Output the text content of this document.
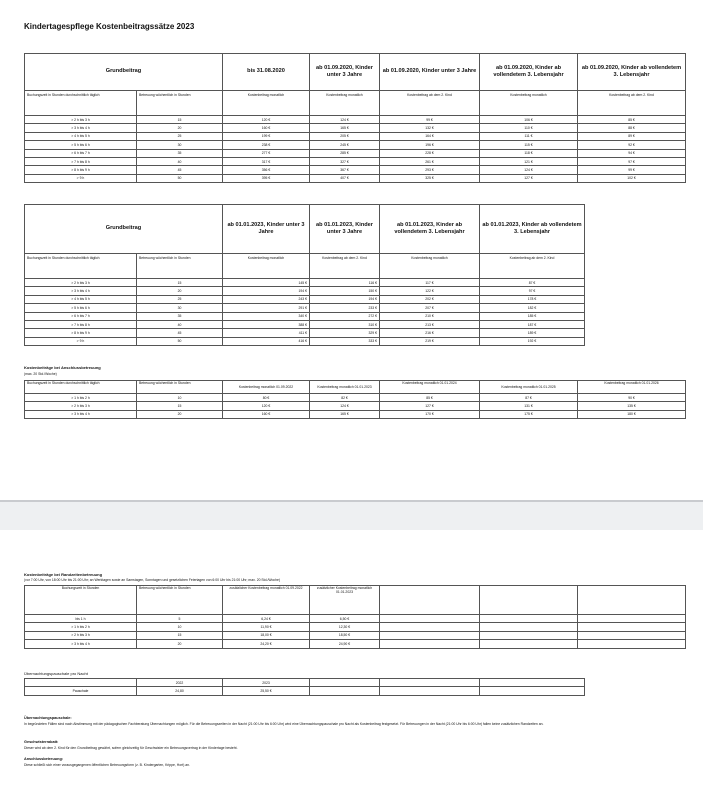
Kindertagespflege Kostenbeitragssätze 2023
Grundbeitrag		bis 31.08.2020	ab 01.09.2020, Kinder unter 3 Jahre	ab 01.09.2020, Kinder unter 3 Jahre	ab 01.09.2020, Kinder ab vollendetem 3. Lebensjahr	ab 01.09.2020, Kinder ab vollendetem 3. Lebensjahr
Buchungszeit in Stunden durchschnittlich täglich	Betreuung wöchentlich in Stunden	Kostenbeitrag monatlich	Kostenbeitrag monatlich	Kostenbeitrag ab dem 2. Kind	Kostenbeitrag monatlich	Kostenbeitrag ab dem 2. Kind
> 2 h bis 3 h	15	120 €	124 €	99 €	106 €	85 €
> 3 h bis 4 h	20	160 €	165 €	132 €	110 €	88 €
> 4 h bis 5 h	25	199 €	205 €	164 €	111 €	89 €
> 5 h bis 6 h	30	238 €	245 €	196 €	115 €	92 €
> 6 h bis 7 h	35	277 €	285 €	228 €	118 €	94 €
> 7 h bis 8 h	40	317 €	327 €	261 €	121 €	97 €
> 8 h bis 9 h	45	356 €	367 €	293 €	124 €	99 €
> 9 h	50	395 €	407 €	325 €	127 €	102 €
Grundbeitrag		ab 01.01.2023, Kinder unter 3 Jahre	ab 01.01.2023, Kinder unter 3 Jahre	ab 01.01.2023, Kinder ab vollendetem 3. Lebensjahr	ab 01.01.2023, Kinder ab vollendetem 3. Lebensjahr
Buchungszeit in Stunden durchschnittlich täglich	Betreuung wöchentlich in Stunden	Kostenbeitrag monatlich	Kostenbeitrag ab dem 2. Kind	Kostenbeitrag monatlich	Kostenbeitrag ab dem 2. Kind
> 2 h bis 3 h	15	145 €	116 €	117 €	87 €
> 3 h bis 4 h	20	194 €	150 €	122 €	97 €
> 4 h bis 5 h	25	243 €	194 €	202 €	178 €
> 5 h bis 6 h	30	291 €	233 €	207 €	182 €
> 6 h bis 7 h	35	340 €	272 €	210 €	185 €
> 7 h bis 8 h	40	388 €	310 €	213 €	187 €
> 8 h bis 9 h	45	411 €	329 €	216 €	189 €
> 9 h	50	416 €	333 €	219 €	192 €
Kostenbeiträge bei Anschlussbetreuung
(max. 20 Std./Woche)
Buchungszeit in Stunden durchschnittlich täglich	Betreuung wöchentlich in Stunden	Kostenbeitrag monatlich 01.09.2022	Kostenbeitrag monatlich 01.01.2023	Kostenbeitrag monatlich 01.01.2024	Kostenbeitrag monatlich 01.01.2025	Kostenbeitrag monatlich 01.01.2026
> 1 h bis 2 h	10	80 €	82 €	85 €	87 €	90 €
> 2 h bis 3 h	15	120 €	124 €	127 €	131 €	135 €
> 3 h bis 4 h	20	160 €	165 €	170 €	175 €	180 €
Kostenbeiträge bei Randzeitenbetreuung
(vor 7:00 Uhr, von 18:00 Uhr bis 21:00 Uhr; an Werktagen sowie an Samstagen, Sonntagen und gesetzlichen Feiertagen von 6:00 Uhr bis 21:00 Uhr; max. 20 Std./Woche)
Buchungszeit in Stunden	Betreuung wöchentlich in Stunden	zusätzlicher Kostenbeitrag monatlich 01.09.2022	zusätzlicher Kostenbeitrag monatlich 01.01.2023			
bis 1 h	5	6,24 €	6,50 €			
> 1 h bis 2 h	10	11,90 €	12,30 €			
> 2 h bis 3 h	15	18,00 €	18,50 €			
> 3 h bis 4 h	20	24,20 €	24,90 €			
Übernachtungspauschale pro Nacht
	2022	2023			
Pauschale	24,80	25,50 €			
Übernachtungspauschale:
In begründeten Fällen sind nach Abstimmung mit der pädagogischen Fachberatung Übernachtungen möglich. Für die Betreuungszeiten in der Nacht (21:00 Uhr bis 6:00 Uhr) wird eine Übernachtungspauschale pro Nacht als Kostenbeitrag festgesetzt. Für Betreuungen in der Nacht (21:00 Uhr bis 6:00 Uhr) fallen keine zusätzlichen Randzeiten an.
Geschwisterrabatt:
Dieser wird ab dem 2. Kind für den Grundbeitrag gewährt, sofern gleichzeitig für Geschwister ein Betreuungsvertrag in der Kindertage besteht.
Anschlussbetreuung:
Diese schließt sich einer vorausgegangenen öffentlichen Betreuungsform (z. B. Kindergarten, Krippe, Hort) an.
